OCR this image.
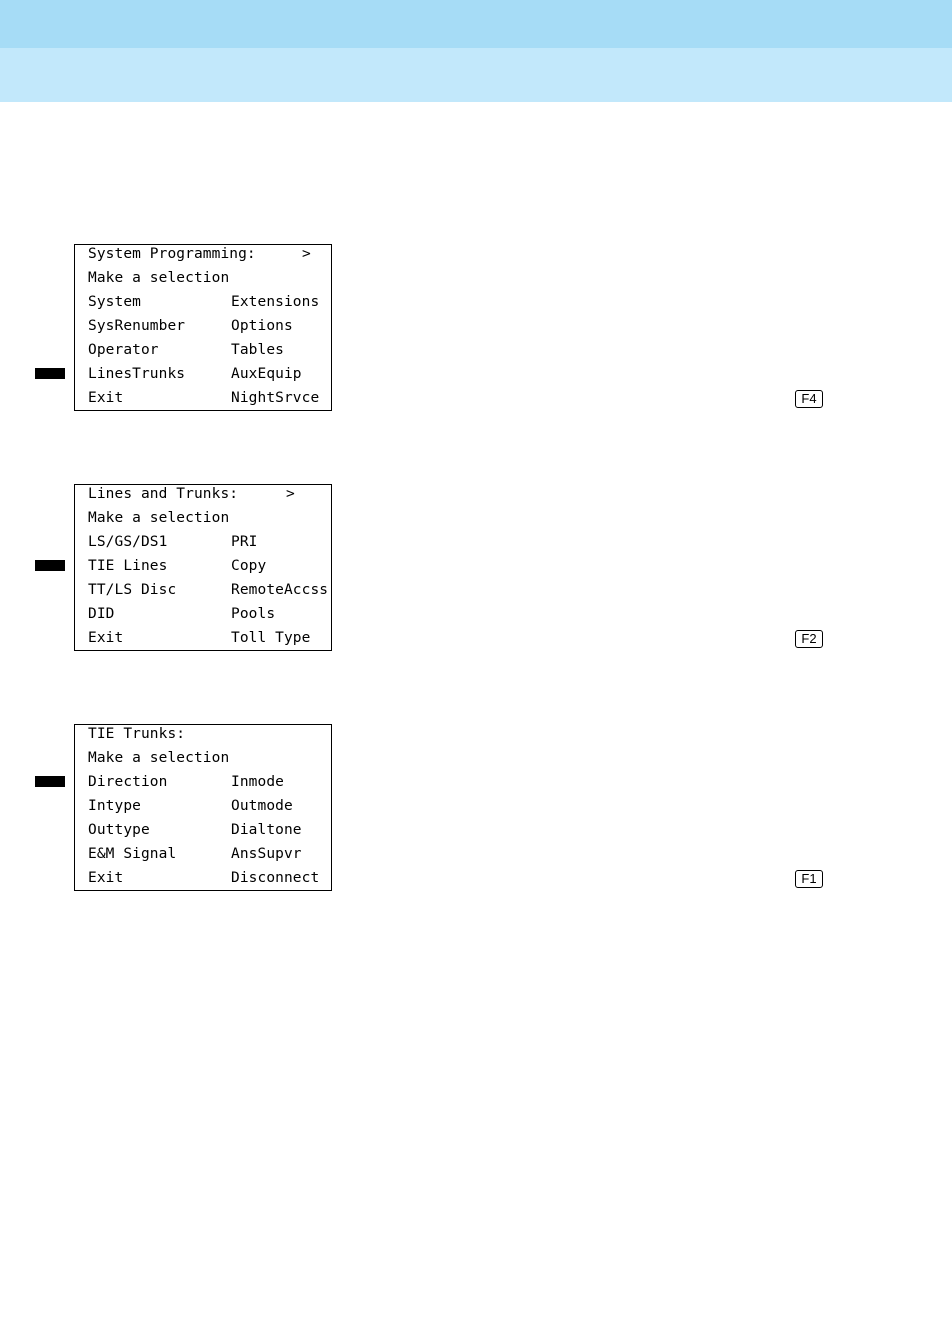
System Programming:	>
Make a selection
System	Extensions
SysRenumber	Options
Operator	Tables
LinesTrunks	AuxEquip
Exit	NightSrvce	F4
Lines and Trunks:	>
Make a selection
LS/GS/DS1	PRI
TIE Lines	Copy
TT/LS Disc	RemoteAccss
DID	Pools
Exit	Toll Type	F2
TIE Trunks:
Make a selection
Direction	Inmode
Intype	Outmode
Outtype	Dialtone
E&M Signal	AnsSupvr
Exit	Disconnect	F1
